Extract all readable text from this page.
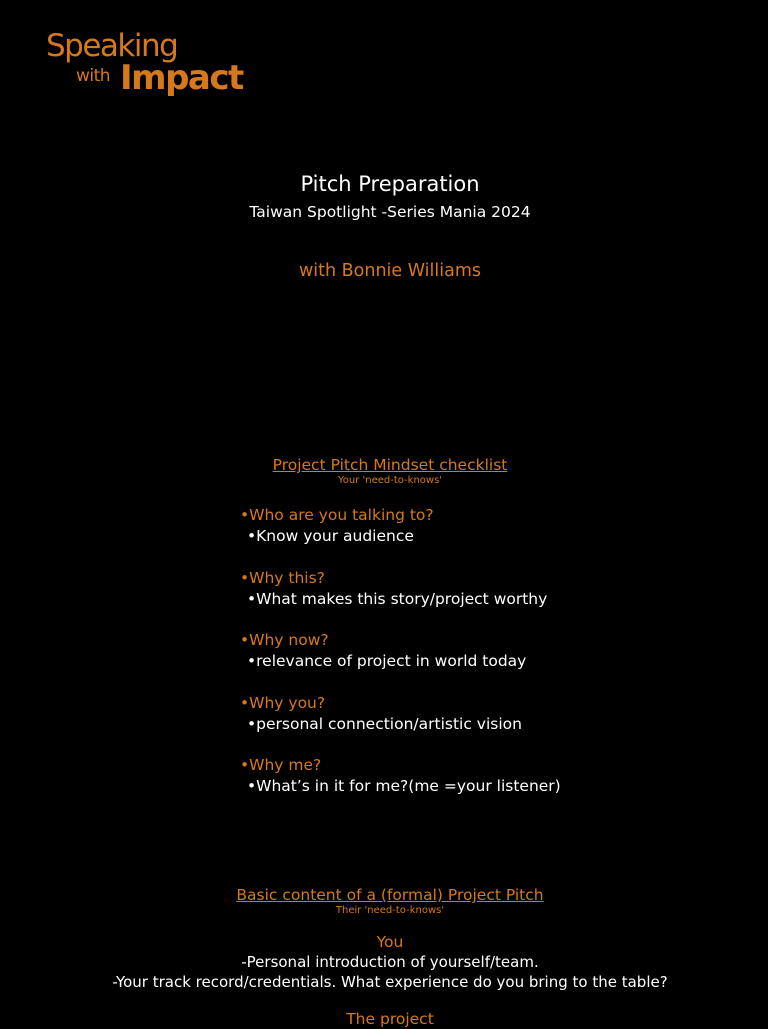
Speaking
with Impact
Pitch Preparation
Taiwan Spotlight -Series Mania 2024
with Bonnie Williams
Project Pitch Mindset checklist
Your 'need-to-knows'
•Who are you talking to?
•Know your audience
•Why this?
•What makes this story/project worthy
•Why now?
•relevance of project in world today
•Why you?
•personal connection/artistic vision
•Why me?
•What’s in it for me?(me =your listener)
Basic content of a (formal) Project Pitch
Their 'need-to-knows'
You
-Personal introduction of yourself/team.
-Your track record/credentials. What experience do you bring to the table?
The project
